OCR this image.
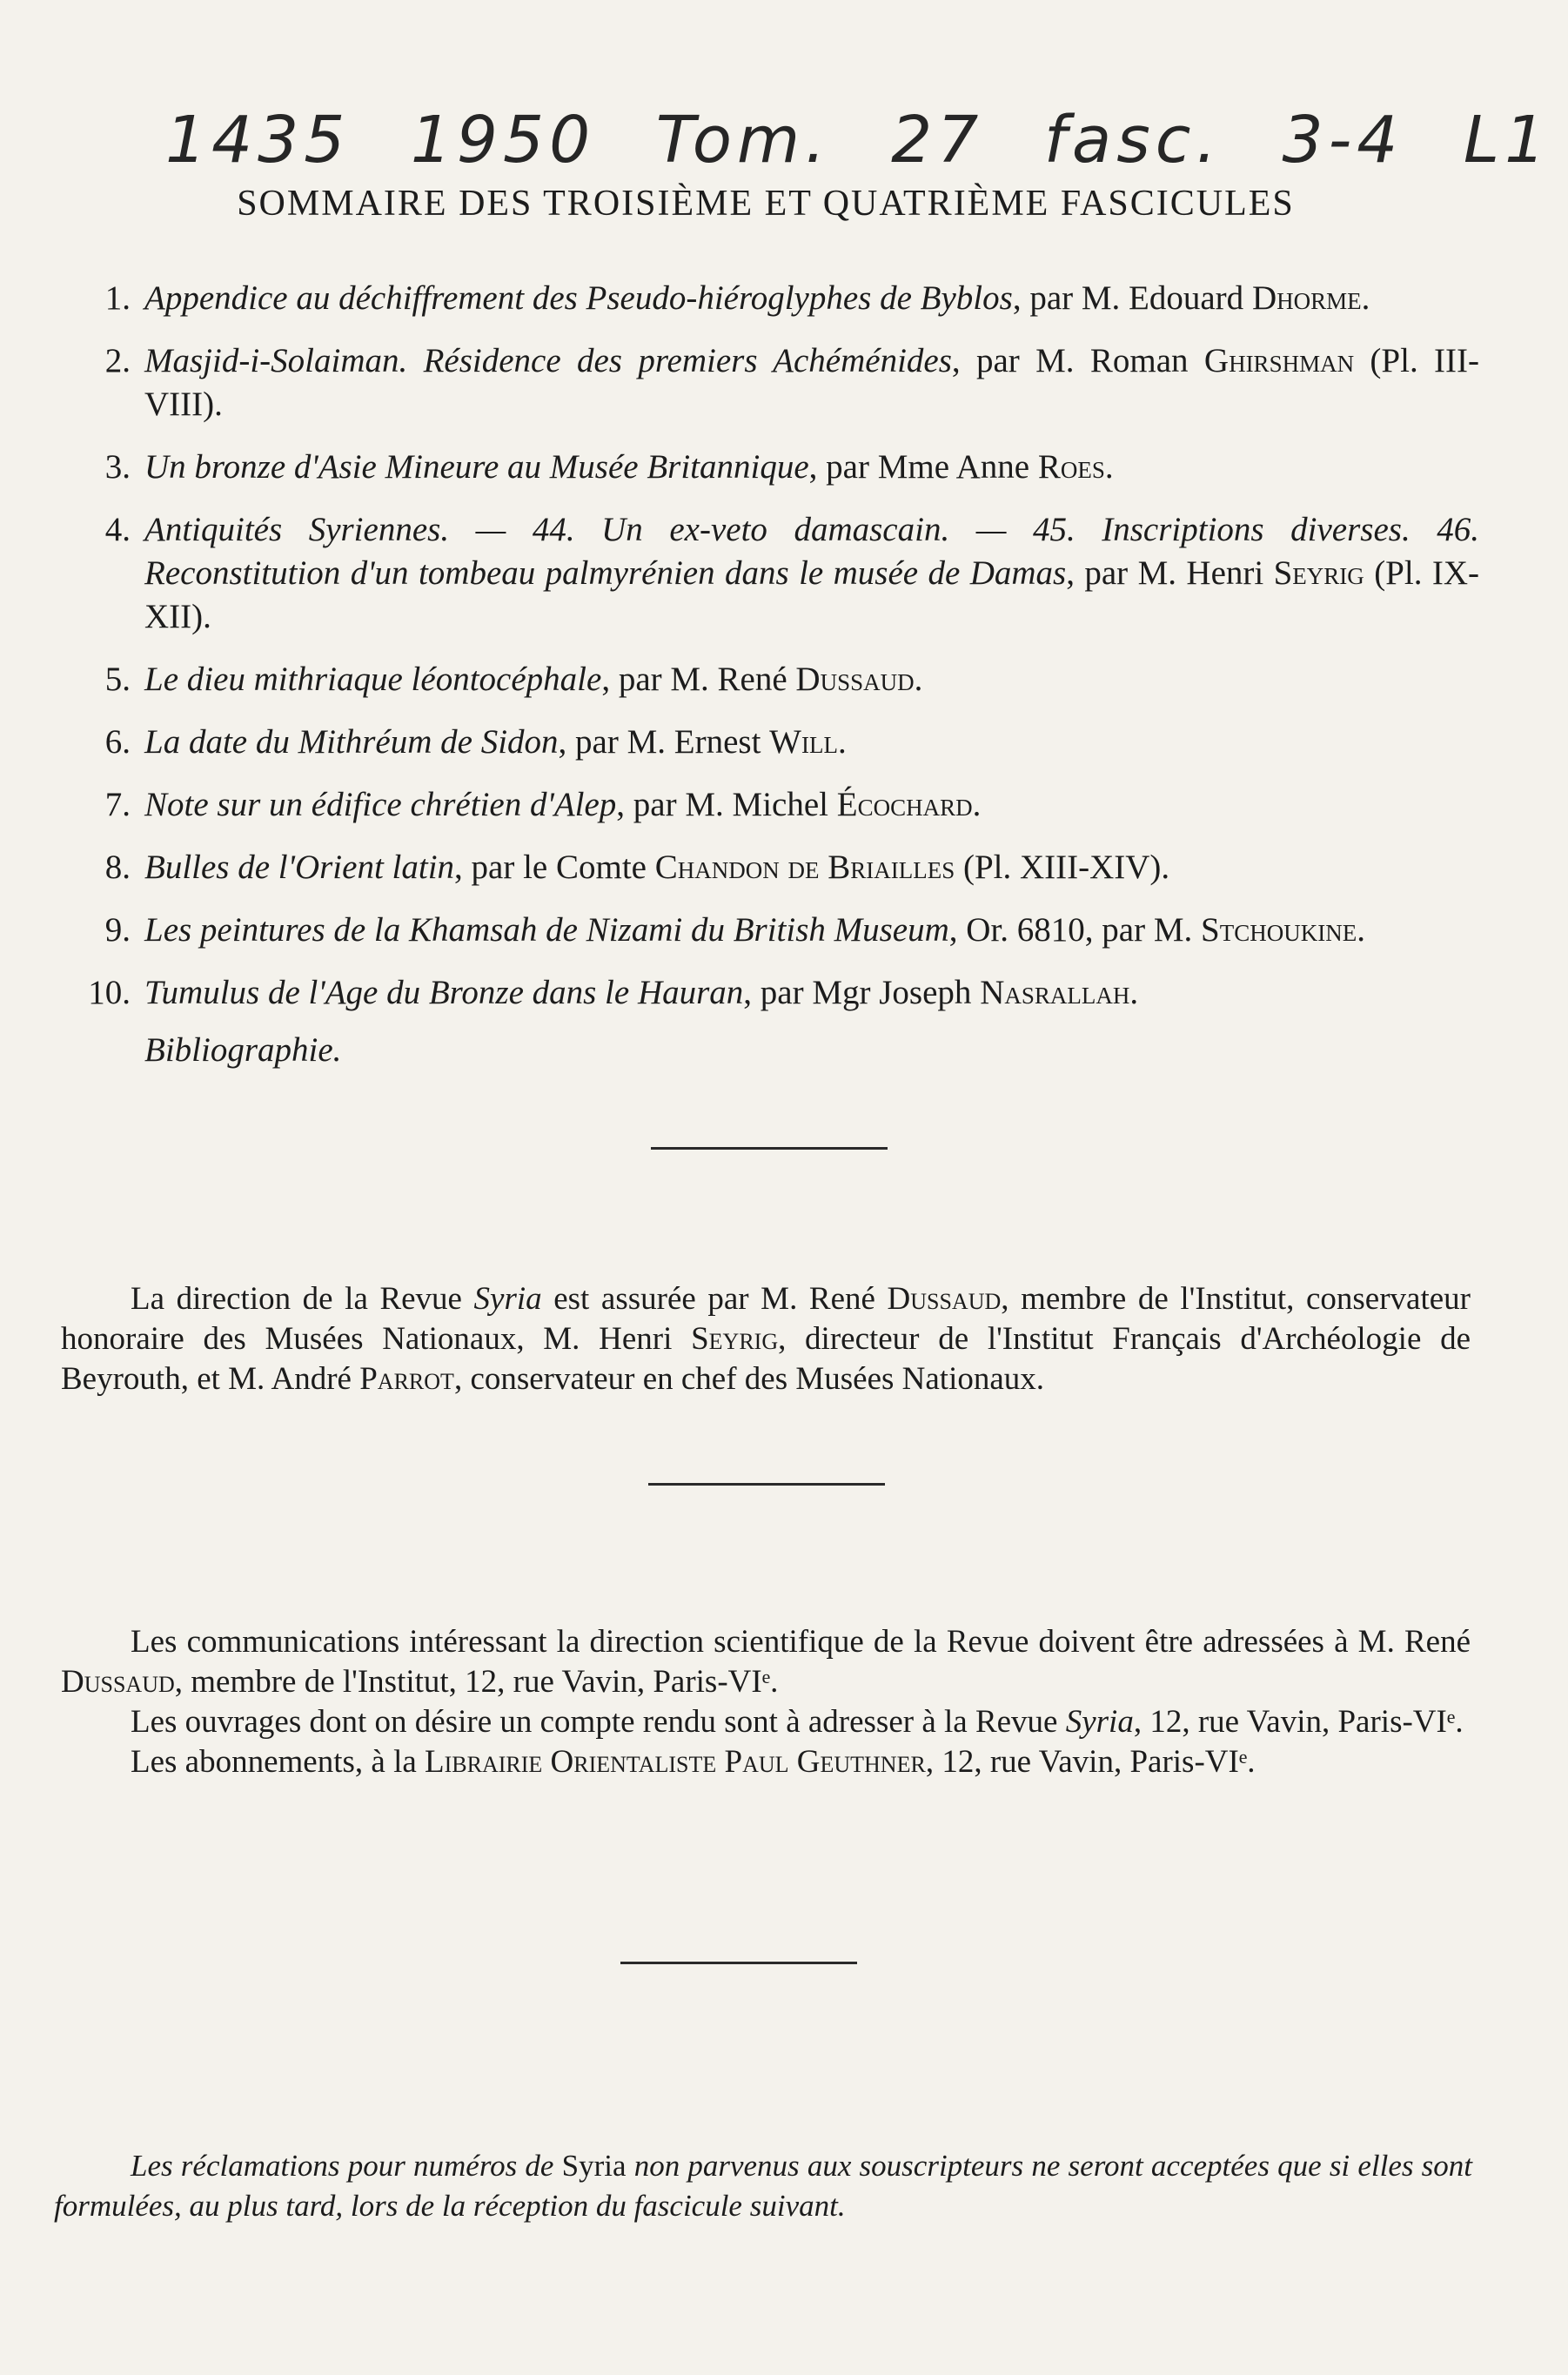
1435 1950 Tom. 27 fasc. 3-4 L1
SOMMAIRE DES TROISIÈME ET QUATRIÈME FASCICULES
1. Appendice au déchiffrement des Pseudo-hiéroglyphes de Byblos, par M. Edouard Dhorme.
2. Masjid-i-Solaiman. Résidence des premiers Achéménides, par M. Roman Ghirshman (Pl. III-VIII).
3. Un bronze d'Asie Mineure au Musée Britannique, par Mme Anne Roes.
4. Antiquités Syriennes. — 44. Un ex-veto damascain. — 45. Inscriptions diverses. 46. Reconstitution d'un tombeau palmyrénien dans le musée de Damas, par M. Henri Seyrig (Pl. IX-XII).
5. Le dieu mithriaque léontocéphale, par M. René Dussaud.
6. La date du Mithréum de Sidon, par M. Ernest Will.
7. Note sur un édifice chrétien d'Alep, par M. Michel Écochard.
8. Bulles de l'Orient latin, par le Comte Chandon de Briailles (Pl. XIII-XIV).
9. Les peintures de la Khamsah de Nizami du British Museum, Or. 6810, par M. Stchoukine.
10. Tumulus de l'Age du Bronze dans le Hauran, par Mgr Joseph Nasrallah.
Bibliographie.

La direction de la Revue Syria est assurée par M. René Dussaud, membre de l'Institut, conservateur honoraire des Musées Nationaux, M. Henri Seyrig, directeur de l'Institut Français d'Archéologie de Beyrouth, et M. André Parrot, conservateur en chef des Musées Nationaux.

Les communications intéressant la direction scientifique de la Revue doivent être adressées à M. René Dussaud, membre de l'Institut, 12, rue Vavin, Paris-VIᵉ.

Les ouvrages dont on désire un compte rendu sont à adresser à la Revue Syria, 12, rue Vavin, Paris-VIᵉ.

Les abonnements, à la Librairie Orientaliste Paul Geuthner, 12, rue Vavin, Paris-VIᵉ.

Les réclamations pour numéros de Syria non parvenus aux souscripteurs ne seront acceptées que si elles sont formulées, au plus tard, lors de la réception du fascicule suivant.
